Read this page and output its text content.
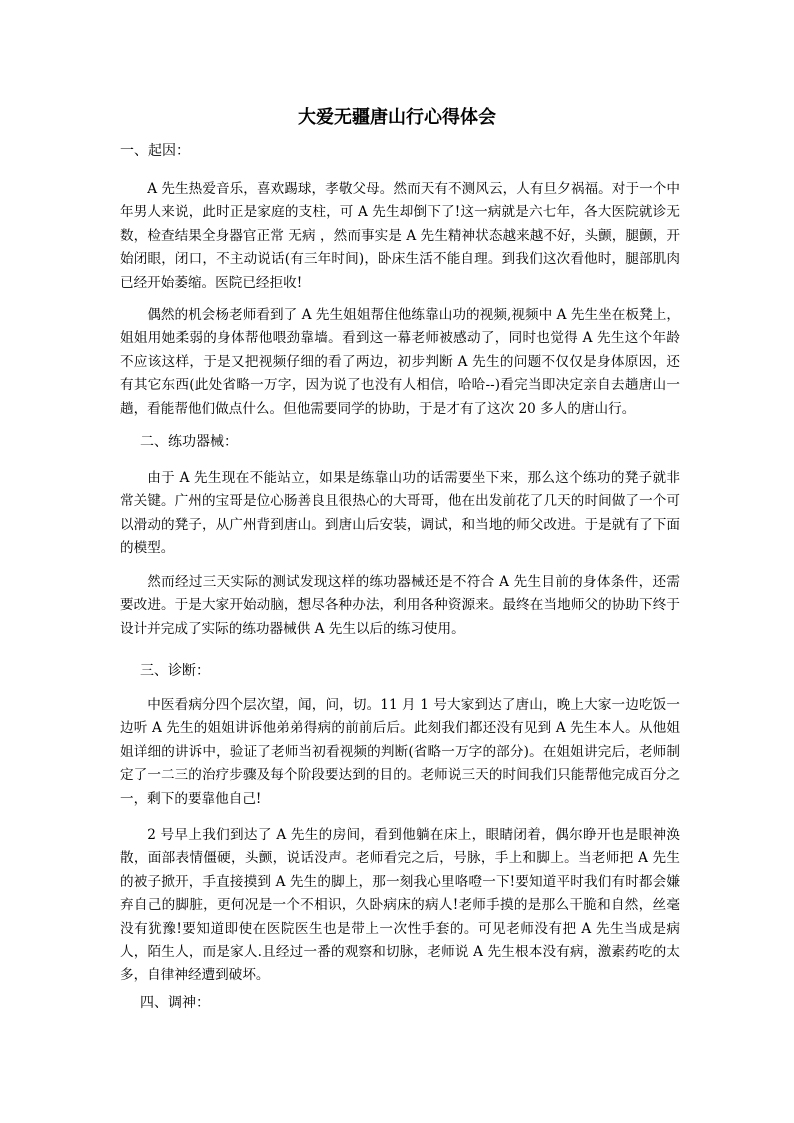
大爱无疆唐山行心得体会
一、起因：
A 先生热爱音乐，喜欢踢球，孝敬父母。然而天有不测风云，人有旦夕祸福。对于一个中年男人来说，此时正是家庭的支柱，可 A 先生却倒下了!这一病就是六七年，各大医院就诊无数，检查结果全身器官正常 无病 ，然而事实是 A 先生精神状态越来越不好，头颤，腿颤，开始闭眼，闭口，不主动说话(有三年时间)，卧床生活不能自理。到我们这次看他时，腿部肌肉已经开始萎缩。医院已经拒收!
偶然的机会杨老师看到了 A 先生姐姐帮住他练靠山功的视频,视频中 A 先生坐在板凳上，姐姐用她柔弱的身体帮他喂劲靠墙。看到这一幕老师被感动了，同时也觉得 A 先生这个年龄不应该这样，于是又把视频仔细的看了两边，初步判断 A 先生的问题不仅仅是身体原因，还有其它东西(此处省略一万字，因为说了也没有人相信，哈哈--)看完当即决定亲自去趟唐山一趟，看能帮他们做点什么。但他需要同学的协助，于是才有了这次 20 多人的唐山行。
二、练功器械：
由于 A 先生现在不能站立，如果是练靠山功的话需要坐下来，那么这个练功的凳子就非常关键。广州的宝哥是位心肠善良且很热心的大哥哥，他在出发前花了几天的时间做了一个可以滑动的凳子，从广州背到唐山。到唐山后安装，调试，和当地的师父改进。于是就有了下面的模型。
然而经过三天实际的测试发现这样的练功器械还是不符合 A 先生目前的身体条件，还需要改进。于是大家开始动脑，想尽各种办法，利用各种资源来。最终在当地师父的协助下终于设计并完成了实际的练功器械供 A 先生以后的练习使用。
三、诊断：
中医看病分四个层次望，闻，问，切。11 月 1 号大家到达了唐山，晚上大家一边吃饭一边听 A 先生的姐姐讲诉他弟弟得病的前前后后。此刻我们都还没有见到 A 先生本人。从他姐姐详细的讲诉中，验证了老师当初看视频的判断(省略一万字的部分)。在姐姐讲完后，老师制定了一二三的治疗步骤及每个阶段要达到的目的。老师说三天的时间我们只能帮他完成百分之一，剩下的要靠他自己!
2 号早上我们到达了 A 先生的房间，看到他躺在床上，眼睛闭着，偶尔睁开也是眼神涣散，面部表情僵硬，头颤，说话没声。老师看完之后，号脉，手上和脚上。当老师把 A 先生的被子掀开，手直接摸到 A 先生的脚上，那一刻我心里咯噔一下!要知道平时我们有时都会嫌弃自己的脚脏，更何况是一个不相识，久卧病床的病人!老师手摸的是那么干脆和自然，丝毫没有犹豫!要知道即使在医院医生也是带上一次性手套的。可见老师没有把 A 先生当成是病人，陌生人，而是家人.且经过一番的观察和切脉，老师说 A 先生根本没有病，激素药吃的太多，自律神经遭到破坏。
四、调神：
